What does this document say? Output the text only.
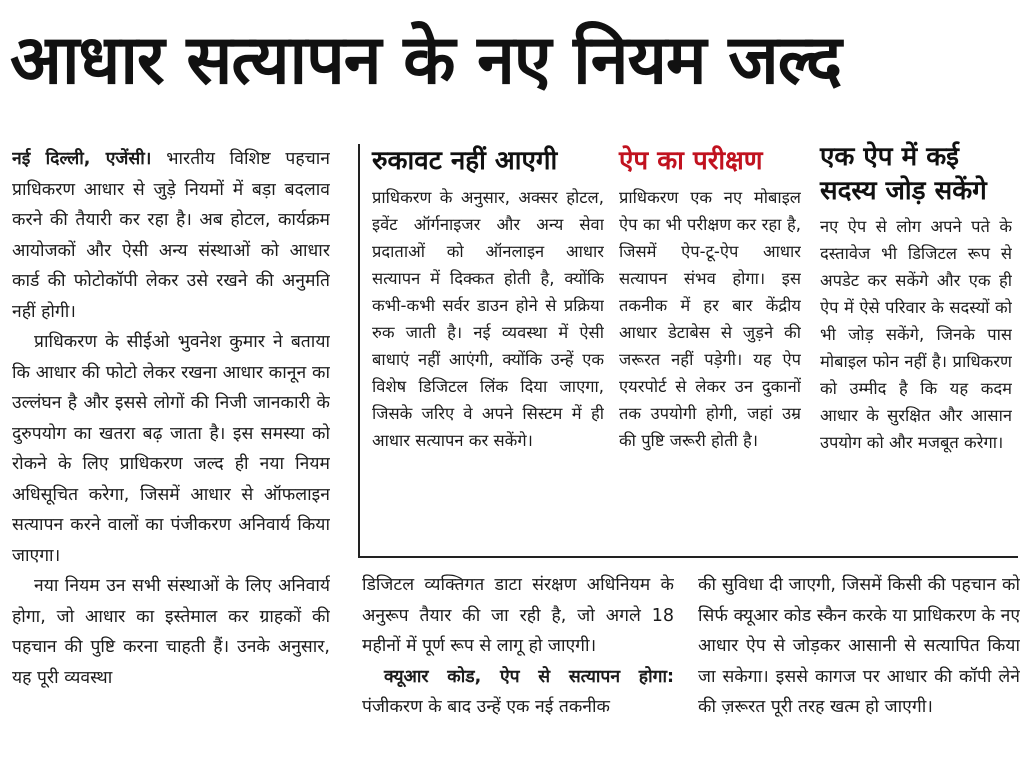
आधार सत्यापन के नए नियम जल्द

नई दिल्ली, एजेंसी। भारतीय विशिष्ट पहचान प्राधिकरण आधार से जुड़े नियमों में बड़ा बदलाव करने की तैयारी कर रहा है। अब होटल, कार्यक्रम आयोजकों और ऐसी अन्य संस्थाओं को आधार कार्ड की फोटोकॉपी लेकर उसे रखने की अनुमति नहीं होगी।

प्राधिकरण के सीईओ भुवनेश कुमार ने बताया कि आधार की फोटो लेकर रखना आधार कानून का उल्लंघन है और इससे लोगों की निजी जानकारी के दुरुपयोग का खतरा बढ़ जाता है। इस समस्या को रोकने के लिए प्राधिकरण जल्द ही नया नियम अधिसूचित करेगा, जिसमें आधार से ऑफलाइन सत्यापन करने वालों का पंजीकरण अनिवार्य किया जाएगा।

नया नियम उन सभी संस्थाओं के लिए अनिवार्य होगा, जो आधार का इस्तेमाल कर ग्राहकों की पहचान की पुष्टि करना चाहती हैं। उनके अनुसार, यह पूरी व्यवस्था

रुकावट नहीं आएगी

प्राधिकरण के अनुसार, अक्सर होटल, इवेंट ऑर्गनाइजर और अन्य सेवा प्रदाताओं को ऑनलाइन आधार सत्यापन में दिक्कत होती है, क्योंकि कभी-कभी सर्वर डाउन होने से प्रक्रिया रुक जाती है। नई व्यवस्था में ऐसी बाधाएं नहीं आएंगी, क्योंकि उन्हें एक विशेष डिजिटल लिंक दिया जाएगा, जिसके जरिए वे अपने सिस्टम में ही आधार सत्यापन कर सकेंगे।

ऐप का परीक्षण

प्राधिकरण एक नए मोबाइल ऐप का भी परीक्षण कर रहा है, जिसमें ऐप-टू-ऐप आधार सत्यापन संभव होगा। इस तकनीक में हर बार केंद्रीय आधार डेटाबेस से जुड़ने की जरूरत नहीं पड़ेगी। यह ऐप एयरपोर्ट से लेकर उन दुकानों तक उपयोगी होगी, जहां उम्र की पुष्टि जरूरी होती है।

एक ऐप में कई सदस्य जोड़ सकेंगे

नए ऐप से लोग अपने पते के दस्तावेज भी डिजिटल रूप से अपडेट कर सकेंगे और एक ही ऐप में ऐसे परिवार के सदस्यों को भी जोड़ सकेंगे, जिनके पास मोबाइल फोन नहीं है। प्राधिकरण को उम्मीद है कि यह कदम आधार के सुरक्षित और आसान उपयोग को और मजबूत करेगा।

डिजिटल व्यक्तिगत डाटा संरक्षण अधिनियम के अनुरूप तैयार की जा रही है, जो अगले 18 महीनों में पूर्ण रूप से लागू हो जाएगी।

क्यूआर कोड, ऐप से सत्यापन होगा: पंजीकरण के बाद उन्हें एक नई तकनीक

की सुविधा दी जाएगी, जिसमें किसी की पहचान को सिर्फ क्यूआर कोड स्कैन करके या प्राधिकरण के नए आधार ऐप से जोड़कर आसानी से सत्यापित किया जा सकेगा। इससे कागज पर आधार की कॉपी लेने की ज़रूरत पूरी तरह खत्म हो जाएगी।
